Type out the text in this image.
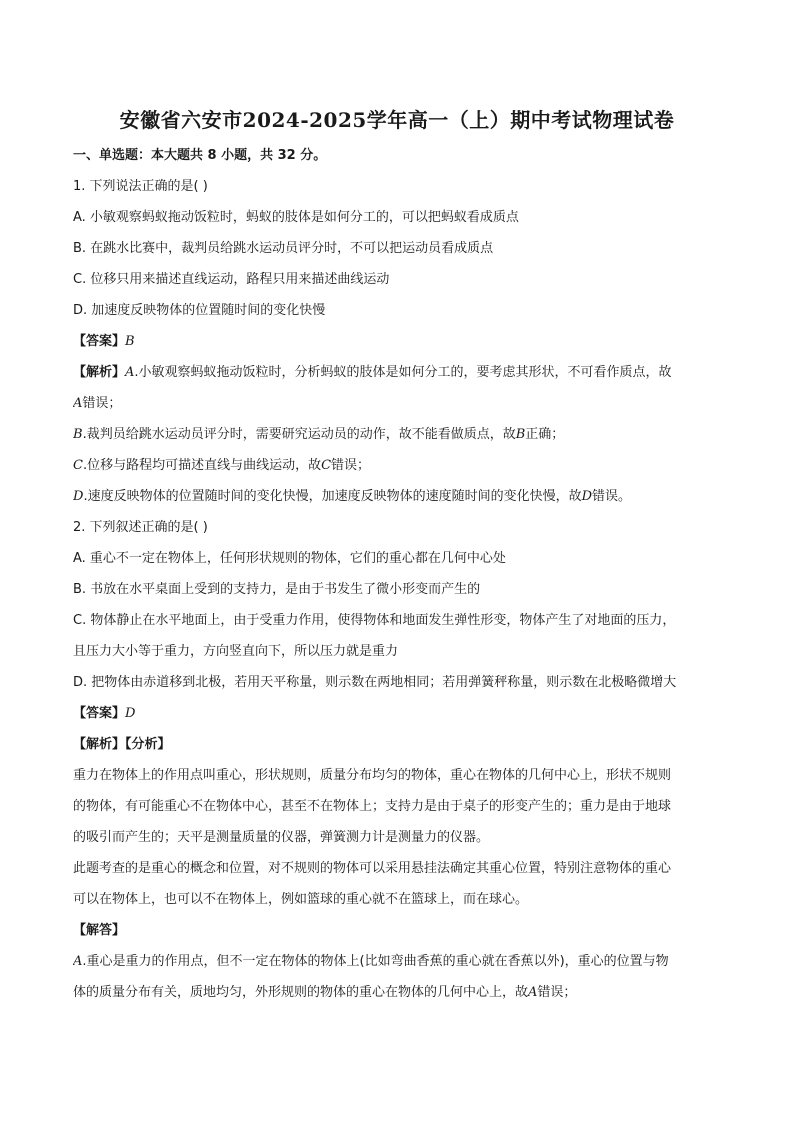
安徽省六安市2024-2025学年高一（上）期中考试物理试卷
一、单选题：本大题共 8 小题，共 32 分。
1. 下列说法正确的是( )
A. 小敏观察蚂蚁拖动饭粒时，蚂蚁的肢体是如何分工的，可以把蚂蚁看成质点
B. 在跳水比赛中，裁判员给跳水运动员评分时，不可以把运动员看成质点
C. 位移只用来描述直线运动，路程只用来描述曲线运动
D. 加速度反映物体的位置随时间的变化快慢
【答案】B
【解析】A.小敏观察蚂蚁拖动饭粒时，分析蚂蚁的肢体是如何分工的，要考虑其形状，不可看作质点，故
A错误；
B.裁判员给跳水运动员评分时，需要研究运动员的动作，故不能看做质点，故B正确；
C.位移与路程均可描述直线与曲线运动，故C错误；
D.速度反映物体的位置随时间的变化快慢，加速度反映物体的速度随时间的变化快慢，故D错误。
2. 下列叙述正确的是( )
A. 重心不一定在物体上，任何形状规则的物体，它们的重心都在几何中心处
B. 书放在水平桌面上受到的支持力，是由于书发生了微小形变而产生的
C. 物体静止在水平地面上，由于受重力作用，使得物体和地面发生弹性形变，物体产生了对地面的压力，
且压力大小等于重力，方向竖直向下，所以压力就是重力
D. 把物体由赤道移到北极，若用天平称量，则示数在两地相同；若用弹簧秤称量，则示数在北极略微增大
【答案】D
【解析】【分析】
重力在物体上的作用点叫重心，形状规则，质量分布均匀的物体，重心在物体的几何中心上，形状不规则
的物体，有可能重心不在物体中心，甚至不在物体上；支持力是由于桌子的形变产生的；重力是由于地球
的吸引而产生的；天平是测量质量的仪器，弹簧测力计是测量力的仪器。
此题考查的是重心的概念和位置，对不规则的物体可以采用悬挂法确定其重心位置，特别注意物体的重心
可以在物体上，也可以不在物体上，例如篮球的重心就不在篮球上，而在球心。
【解答】
A.重心是重力的作用点，但不一定在物体的物体上(比如弯曲香蕉的重心就在香蕉以外)，重心的位置与物
体的质量分布有关，质地均匀，外形规则的物体的重心在物体的几何中心上，故A错误；
